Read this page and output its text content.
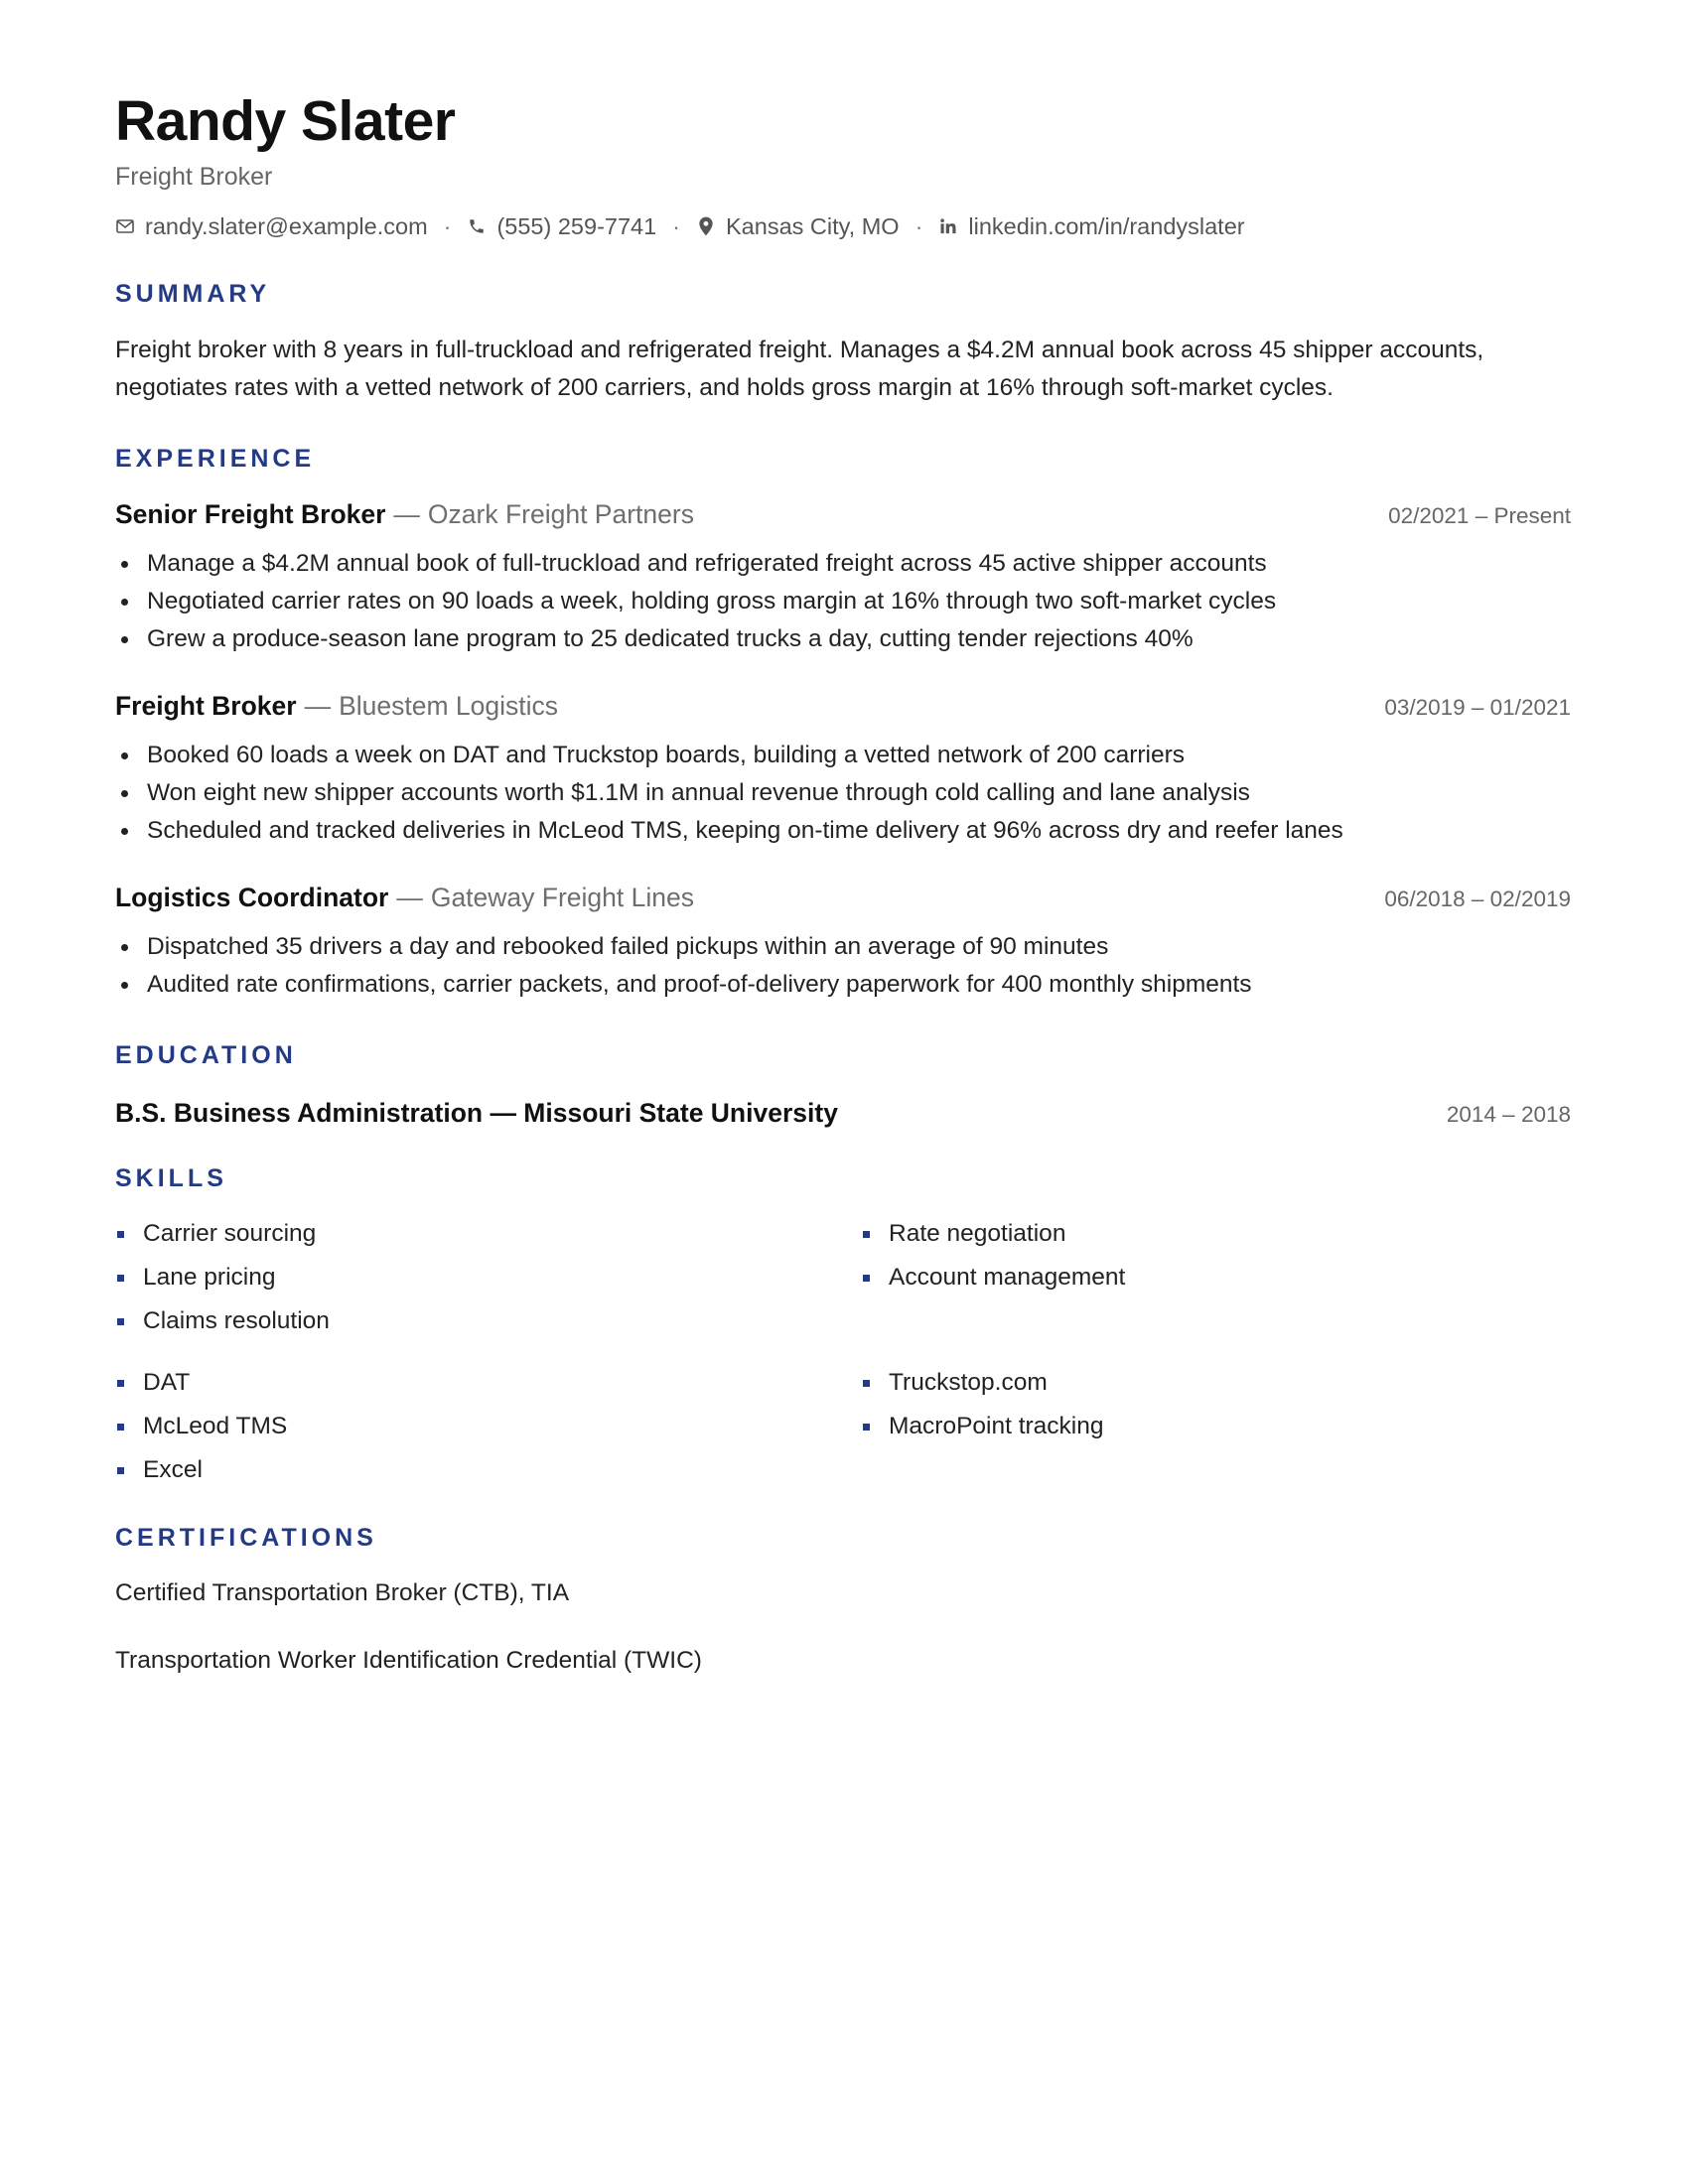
Randy Slater
Freight Broker
randy.slater@example.com · (555) 259-7741 · Kansas City, MO · linkedin.com/in/randyslater
SUMMARY
Freight broker with 8 years in full-truckload and refrigerated freight. Manages a $4.2M annual book across 45 shipper accounts, negotiates rates with a vetted network of 200 carriers, and holds gross margin at 16% through soft-market cycles.
EXPERIENCE
Senior Freight Broker — Ozark Freight Partners	02/2021 – Present
Manage a $4.2M annual book of full-truckload and refrigerated freight across 45 active shipper accounts
Negotiated carrier rates on 90 loads a week, holding gross margin at 16% through two soft-market cycles
Grew a produce-season lane program to 25 dedicated trucks a day, cutting tender rejections 40%
Freight Broker — Bluestem Logistics	03/2019 – 01/2021
Booked 60 loads a week on DAT and Truckstop boards, building a vetted network of 200 carriers
Won eight new shipper accounts worth $1.1M in annual revenue through cold calling and lane analysis
Scheduled and tracked deliveries in McLeod TMS, keeping on-time delivery at 96% across dry and reefer lanes
Logistics Coordinator — Gateway Freight Lines	06/2018 – 02/2019
Dispatched 35 drivers a day and rebooked failed pickups within an average of 90 minutes
Audited rate confirmations, carrier packets, and proof-of-delivery paperwork for 400 monthly shipments
EDUCATION
B.S. Business Administration — Missouri State University	2014 – 2018
SKILLS
Carrier sourcing	Rate negotiation
Lane pricing	Account management
Claims resolution
DAT	Truckstop.com
McLeod TMS	MacroPoint tracking
Excel
CERTIFICATIONS
Certified Transportation Broker (CTB), TIA
Transportation Worker Identification Credential (TWIC)
